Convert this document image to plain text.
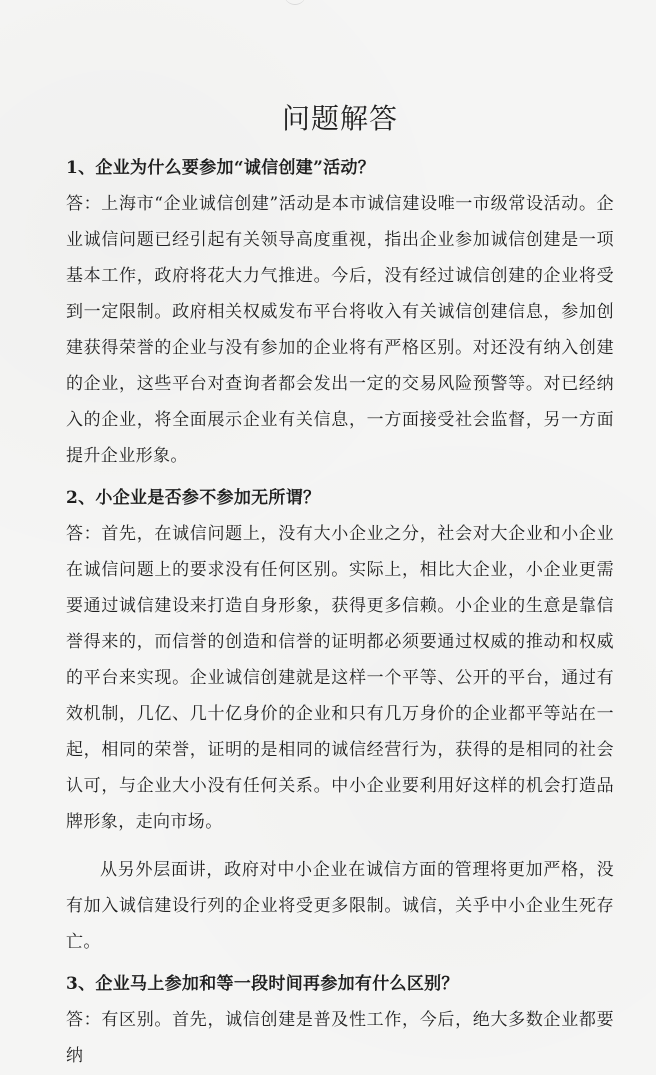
问题解答

1、企业为什么要参加“诚信创建”活动？

答：上海市“企业诚信创建”活动是本市诚信建设唯一市级常设活动。企业诚信问题已经引起有关领导高度重视，指出企业参加诚信创建是一项基本工作，政府将花大力气推进。今后，没有经过诚信创建的企业将受到一定限制。政府相关权威发布平台将收入有关诚信创建信息，参加创建获得荣誉的企业与没有参加的企业将有严格区别。对还没有纳入创建的企业，这些平台对查询者都会发出一定的交易风险预警等。对已经纳入的企业，将全面展示企业有关信息，一方面接受社会监督，另一方面提升企业形象。

2、小企业是否参不参加无所谓？

答：首先，在诚信问题上，没有大小企业之分，社会对大企业和小企业在诚信问题上的要求没有任何区别。实际上，相比大企业，小企业更需要通过诚信建设来打造自身形象，获得更多信赖。小企业的生意是靠信誉得来的，而信誉的创造和信誉的证明都必须要通过权威的推动和权威的平台来实现。企业诚信创建就是这样一个平等、公开的平台，通过有效机制，几亿、几十亿身价的企业和只有几万身价的企业都平等站在一起，相同的荣誉，证明的是相同的诚信经营行为，获得的是相同的社会认可，与企业大小没有任何关系。中小企业要利用好这样的机会打造品牌形象，走向市场。

从另外层面讲，政府对中小企业在诚信方面的管理将更加严格，没有加入诚信建设行列的企业将受更多限制。诚信，关乎中小企业生死存亡。

3、企业马上参加和等一段时间再参加有什么区别？

答：有区别。首先，诚信创建是普及性工作，今后，绝大多数企业都要纳
